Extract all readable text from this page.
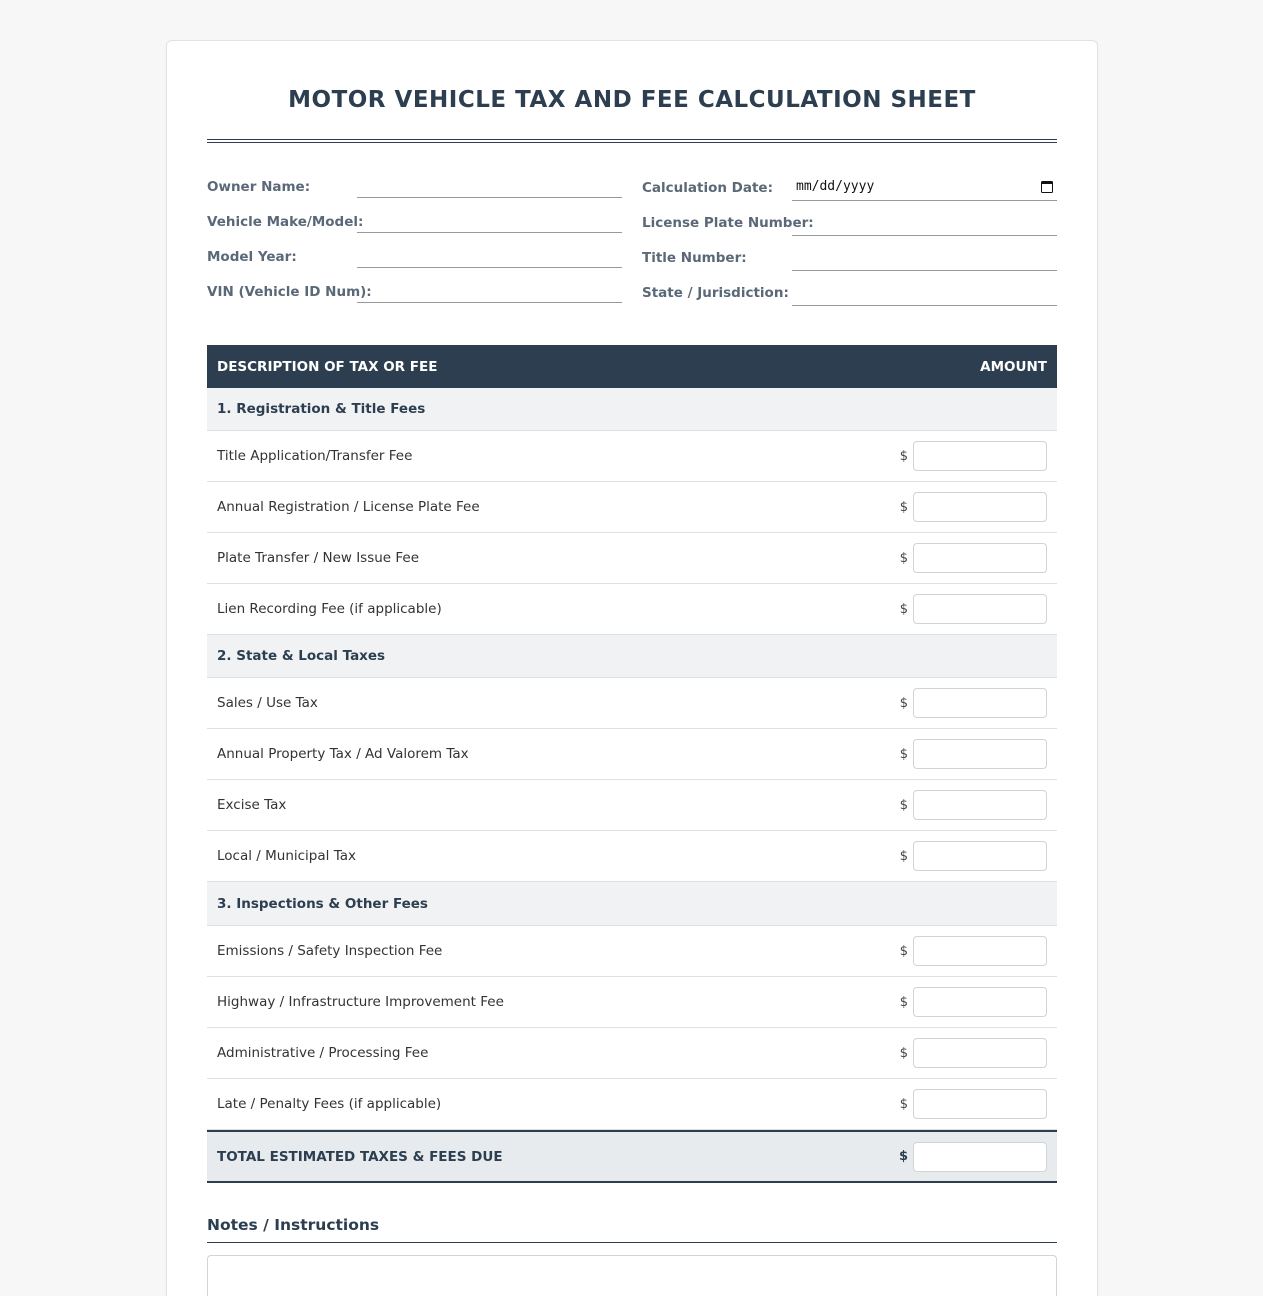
MOTOR VEHICLE TAX AND FEE CALCULATION SHEET
Owner Name:
Vehicle Make/Model:
Model Year:
VIN (Vehicle ID Num):
Calculation Date:	mm/dd/yyyy
License Plate Number:
Title Number:
State / Jurisdiction:
DESCRIPTION OF TAX OR FEE	AMOUNT
1. Registration & Title Fees
Title Application/Transfer Fee	$
Annual Registration / License Plate Fee	$
Plate Transfer / New Issue Fee	$
Lien Recording Fee (if applicable)	$
2. State & Local Taxes
Sales / Use Tax	$
Annual Property Tax / Ad Valorem Tax	$
Excise Tax	$
Local / Municipal Tax	$
3. Inspections & Other Fees
Emissions / Safety Inspection Fee	$
Highway / Infrastructure Improvement Fee	$
Administrative / Processing Fee	$
Late / Penalty Fees (if applicable)	$
TOTAL ESTIMATED TAXES & FEES DUE	$
Notes / Instructions
